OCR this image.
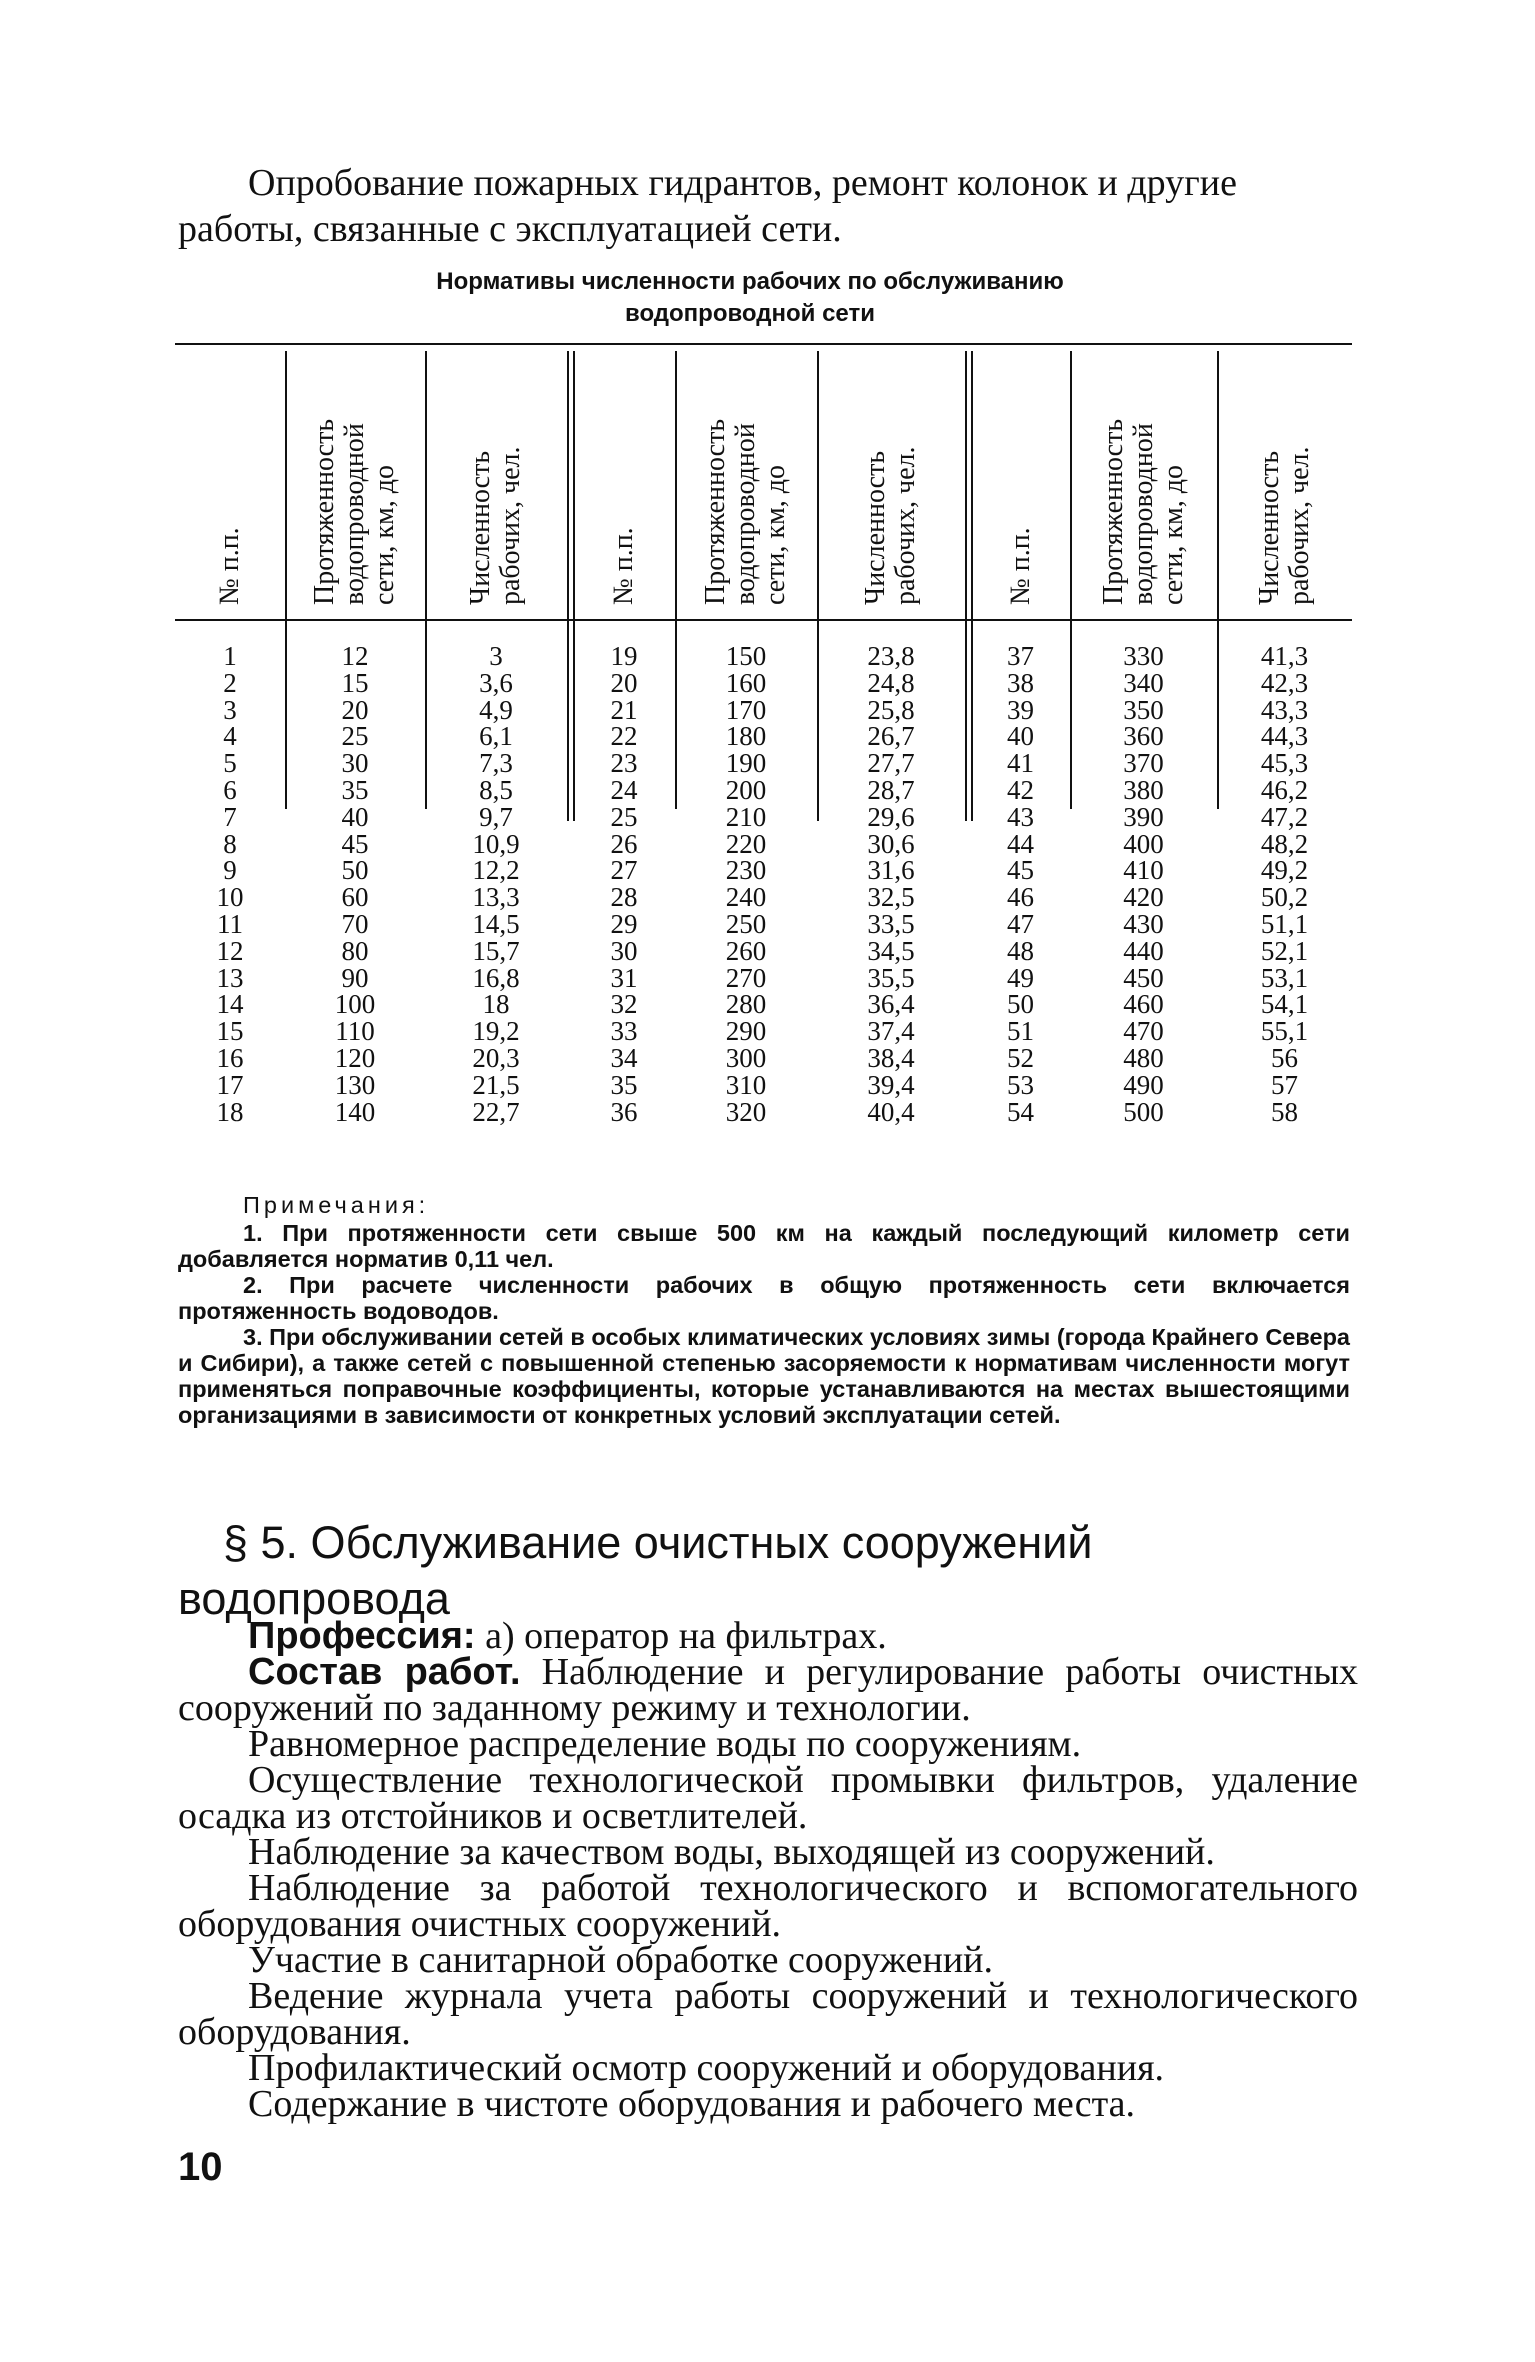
Опробование пожарных гидрантов, ремонт колонок и другие
работы, связанные с эксплуатацией сети.
Нормативы численности рабочих по обслуживанию
водопроводной сети
№ п.п. Протяженность
водопроводной
сети, км, до Численность
рабочих, чел.
№ п.п. Протяженность
водопроводной
сети, км, до Численность
рабочих, чел.
№ п.п. Протяженность
водопроводной
сети, км, до Численность
рабочих, чел.
1
2
3
4
5
6
7
8
9
10
11
12
13
14
15
16
17
18
12
15
20
25
30
35
40
45
50
60
70
80
90
100
110
120
130
140
3
3,6
4,9
6,1
7,3
8,5
9,7
10,9
12,2
13,3
14,5
15,7
16,8
18
19,2
20,3
21,5
22,7
19
20
21
22
23
24
25
26
27
28
29
30
31
32
33
34
35
36
150
160
170
180
190
200
210
220
230
240
250
260
270
280
290
300
310
320
23,8
24,8
25,8
26,7
27,7
28,7
29,6
30,6
31,6
32,5
33,5
34,5
35,5
36,4
37,4
38,4
39,4
40,4
37
38
39
40
41
42
43
44
45
46
47
48
49
50
51
52
53
54
330
340
350
360
370
380
390
400
410
420
430
440
450
460
470
480
490
500
41,3
42,3
43,3
44,3
45,3
46,2
47,2
48,2
49,2
50,2
51,1
52,1
53,1
54,1
55,1
56
57
58
Примечания:

1. При протяженности сети свыше 500 км на каждый последующий километр сети добавляется норматив 0,11 чел.

2. При расчете численности рабочих в общую протяженность сети включается протяженность водоводов.

3. При обслуживании сетей в особых климатических условиях зимы (города Крайнего Севера и Сибири), а также сетей с повышенной степенью засоряемости к нормативам численности могут применяться поправочные коэффициенты, которые устанавливаются на местах вышестоящими организациями в зависимости от конкретных условий эксплуатации сетей.

§ 5. Обслуживание очистных сооружений водопровода

Профессия: а) оператор на фильтрах.

Состав работ. Наблюдение и регулирование работы очистных сооружений по заданному режиму и технологии.

Равномерное распределение воды по сооружениям.

Осуществление технологической промывки фильтров, удаление осадка из отстойников и осветлителей.

Наблюдение за качеством воды, выходящей из сооружений.

Наблюдение за работой технологического и вспомогательного оборудования очистных сооружений.

Участие в санитарной обработке сооружений.

Ведение журнала учета работы сооружений и технологического оборудования.

Профилактический осмотр сооружений и оборудования.

Содержание в чистоте оборудования и рабочего места.

10
